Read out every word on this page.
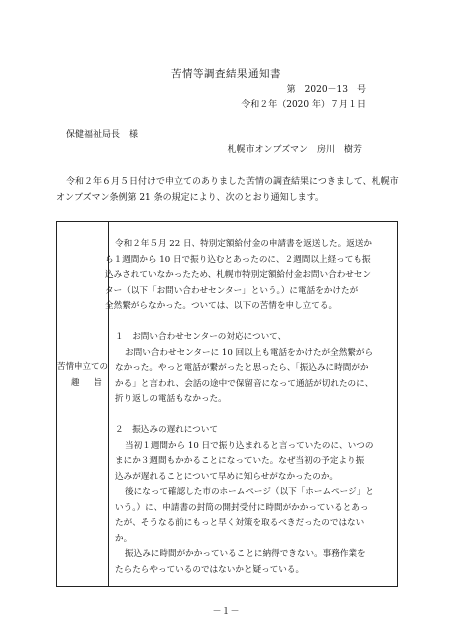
苦情等調査結果通知書
第　2020－13　号
令和２年（2020 年）７月１日
保健福祉局長　様
札幌市オンブズマン　房川　樹芳
令和２年６月５日付けで申立てのありました苦情の調査結果につきまして、札幌市
オンブズマン条例第 21 条の規定により、次のとおり通知します。
苦情申立ての
趣旨
令和２年５月 22 日、特別定額給付金の申請書を返送した。返送か
ら１週間から 10 日で振り込むとあったのに、２週間以上経っても振
込みされていなかったため、札幌市特別定額給付金お問い合わせセン
ター（以下「お問い合わせセンター」という。）に電話をかけたが
全然繋がらなかった。ついては、以下の苦情を申し立てる。
１　お問い合わせセンターの対応について、
お問い合わせセンターに 10 回以上も電話をかけたが全然繋がら
なかった。やっと電話が繋がったと思ったら、「振込みに時間がか
かる」と言われ、会話の途中で保留音になって通話が切れたのに、
折り返しの電話もなかった。
２　振込みの遅れについて
当初１週間から 10 日で振り込まれると言っていたのに、いつの
まにか３週間もかかることになっていた。なぜ当初の予定より振
込みが遅れることについて早めに知らせがなかったのか。
後になって確認した市のホームページ（以下「ホームページ」と
いう。）に、申請書の封筒の開封受付に時間がかかっているとあっ
たが、そうなる前にもっと早く対策を取るべきだったのではない
か。
振込みに時間がかかっていることに納得できない。事務作業を
たらたらやっているのではないかと疑っている。
－１－
